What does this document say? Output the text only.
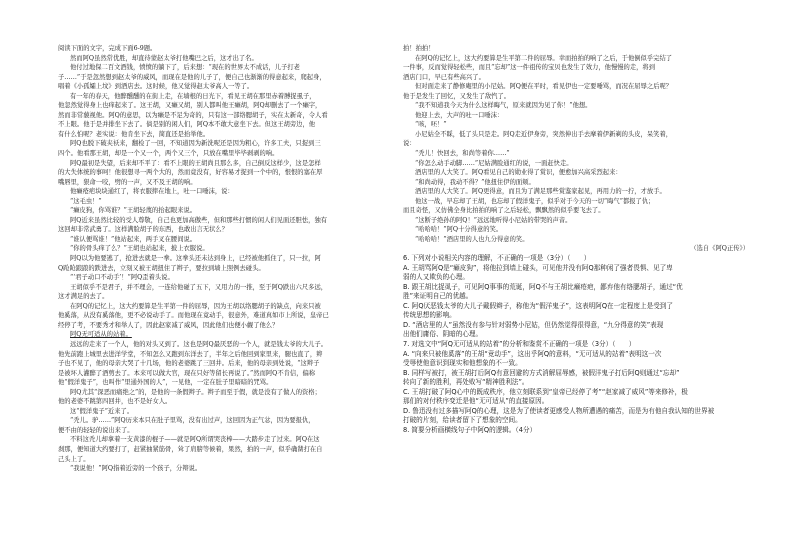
阅读下面的文字，完成下面6-9题。
然而阿Q虽然常优胜，却直待蒙赵太爷打他嘴巴之后，这才出了名。
他付过地保二百文酒钱，愤愤的躺下了，后来想：“现在的世界太不成话，儿子打老
子……”于是忽然想到赵太爷的威风，而现在是他的儿子了，便自己也渐渐的得意起来，爬起身，
唱着《小孤孀上坟》到酒店去。这时候，他又觉得赵太爷高人一等了。
有一年的春天，他醉醺醺的在街上走，在墙根的日光下，看见王胡在那里赤着膊捉虱子，
他忽然觉得身上也痒起来了。这王胡，又癞又胡，别人都叫他王癞胡，阿Q却删去了一个癞字，
然而非常藐视他。阿Q的意思，以为癞是不足为奇的，只有这一部络腮胡子，实在太新奇，令人看
不上眼。他于是并排坐下去了。倘是别的闲人们，阿Q本不敢大意坐下去。但这王胡旁边，他
有什么怕呢？老实说：他肯坐下去，简直还是抬举他。
阿Q也脱下破夹袄来，翻检了一回，不知道因为新洗呢还是因为粗心，许多工夫，只捉到三
四个。他看那王胡，却是一个又一个，两个又三个，只放在嘴里毕毕剥剥的响。
阿Q最初是失望，后来却不平了：看不上眼的王胡尚且那么多，自己倒反这样少，这是怎样
的大失体统的事呵！他很想寻一两个大的，然而竟没有，好容易才捉到一个中的，恨恨的塞在厚
嘴唇里，狠命一咬，劈的一声，又不及王胡的响。
他癞疮疤块块通红了，将衣服摔在地上，吐一口唾沫，说：
“这毛虫！”
“癞皮狗，你骂谁？”王胡轻蔑的抬起眼来说。
阿Q近来虽然比较的受人尊敬，自己也更加高傲些，但和那些打惯的闲人们见面还胆怯，独有
这回却非常武勇了。这样满脸胡子的东西，也敢出言无状么？
“谁认便骂谁！”他站起来，两手叉在腰间说。
“你的骨头痒了么？”王胡也站起来，披上衣服说。
阿Q以为他要逃了，抢进去就是一拳。这拳头还未达到身上，已经被他抓住了，只一拉，阿
Q跄跄踉踉的跌进去，立刻又被王胡扭住了辫子，要拉到墙上照例去碰头。
“‘君子动口不动手’！”阿Q歪着头说。
王胡似乎不是君子，并不理会，一连给他碰了五下，又用力的一推，至于阿Q跌出六尺多远，
这才满足的去了。
在阿Q的记忆上，这大约要算是生平第一件的屈辱，因为王胡以络腮胡子的缺点，向来只被
他奚落，从没有奚落他，更不必说动手了。而他现在竟动手，很意外，难道真如市上所说，皇帝已
经停了考，不要秀才和举人了，因此赵家减了威风，因此他们也便小觑了他么？
阿Q无可适从的站着。
远远的走来了一个人，他的对头又到了。这也是阿Q最厌恶的一个人，就是钱太爷的大儿子。
他先前跑上城里去进洋学堂，不知怎么又跑到东洋去了，半年之后他回到家里来，腿也直了，辫
子也不见了，他的母亲大哭了十几场，他的老婆跳了三回井。后来，他的母亲到处说，“这辫子
是被坏人灌醉了酒剪去了。本来可以做大官，现在只好等留长再说了。”然而阿Q不肯信，偏称
他“假洋鬼子”，也叫作“里通外国的人”，一见他，一定在肚子里暗暗的咒骂。
阿Q尤其“深恶而痛绝之”的，是他的一条假辫子。辫子而至于假，就是没有了做人的资格；
他的老婆不跳第四回井，也不是好女人。
这“假洋鬼子”近来了。
“秃儿。驴……”阿Q历来本只在肚子里骂，没有出过声，这回因为正气忿，因为要报仇，
便不由的轻轻的说出来了。
不料这秃儿却拿着一支黄漆的棍子——就是阿Q所谓哭丧棒——大踏步走了过来。阿Q在这
刹那，便知道大约要打了，赶紧抽紧筋骨，耸了肩膀等候着，果然，拍的一声，似乎确凿打在自
己头上了。
“我说他！”阿Q指着近旁的一个孩子，分辩说。
拍！拍拍！
在阿Q的记忆上，这大约要算是生平第二件的屈辱。幸而拍拍的响了之后，于他倒似乎完结了
一件事，反而觉得轻松些，而且“忘却”这一件祖传的宝贝也发生了效力，他慢慢的走，将到
酒店门口，早已有些高兴了。
但对面走来了静修庵里的小尼姑。阿Q便在平时，看见伊也一定要唾骂，而况在屈辱之后呢？
他于是发生了回忆，又发生了敌忾了。
“我不知道我今天为什么这样晦气，原来就因为见了你！”他想。
他迎上去，大声的吐一口唾沫：
“咳，呸！”
小尼姑全不睬，低了头只是走。阿Q走近伊身旁，突然伸出手去摩着伊新剃的头皮，呆笑着，
说：
“秃儿！快回去，和尚等着你……”
“你怎么动手动脚……”尼姑满脸通红的说，一面赶快走。
酒店里的人大笑了。阿Q看见自己的勋业得了赏识，便愈加兴高采烈起来：
“和尚动得，我动不得？”他扭住伊的面颊。
酒店里的人大笑了。阿Q更得意，而且为了满足那些赏鉴家起见，再用力的一拧，才放手。
他这一战，早忘却了王胡，也忘却了假洋鬼子，似乎对于今天的一切“晦气”都报了仇；
而且奇怪，又仿佛全身比拍拍的响了之后轻松，飘飘然的似乎要飞去了。
“这断子绝孙的阿Q！”远远地听得小尼姑的带哭的声音。
“哈哈哈！”阿Q十分得意的笑。
“哈哈哈！”酒店里的人也九分得意的笑。
（选自《阿Q正传》）
6. 下列对小说相关内容的理解，不正确的一项是（3分）（　　）
A. 王胡骂阿Q是“癞皮狗”，将他拉到墙上碰头，可见他并没有阿Q那种闲了强者畏惧、见了卑
弱的人又欺负的心理。
B. 跟王胡比捉虱子，可见阿Q事事的荒诞，阿Q不与王胡比癞疮疤，鄙弃他有络腮胡子，通过“优
胜”来证明自己的优越。
C. 阿Q厌恶钱太爷的大儿子戴假辫子，称他为“假洋鬼子”，这表明阿Q在一定程度上是受到了
传统思想的影响。
D. “酒店里的人”虽然没有参与针对弱势小尼姑，但仍然觉得很得意，“九分得意的笑”表现
出他们庸俗、阴暗的心理。
7. 对选文中“阿Q无可适从的站着”的分析和鉴赏不正确的一项是（3分）（　　）
A. “向来只被他奚落”的王胡“竟动手”，这出乎阿Q的意料，“无可适从的站着”表明这一次
受辱使他意识到现实和他想象的不一致。
B. 同样写被打，被王胡打后阿Q有意回避的方式消解屈辱感，被假洋鬼子打后阿Q则通过“忘却”
转向了新的胜利，再处败写“精神胜利法”。
C. 王胡打破了阿Q心中的既成秩序，他立刻联系到“皇帝已经停了考”“赵家减了威风”等来修补，极
那们的对付秩序变迁是他“无可适从”的直接原因。
D. 鲁迅没有过多描写阿Q的心理，这是为了使读者更感受人物所遭遇的痛苦，而是为有他自我认知的世界被
打破的片刻，给读者留下了想象的空间。
8. 简要分析画横线句子中阿Q的逻辑。（4分）
